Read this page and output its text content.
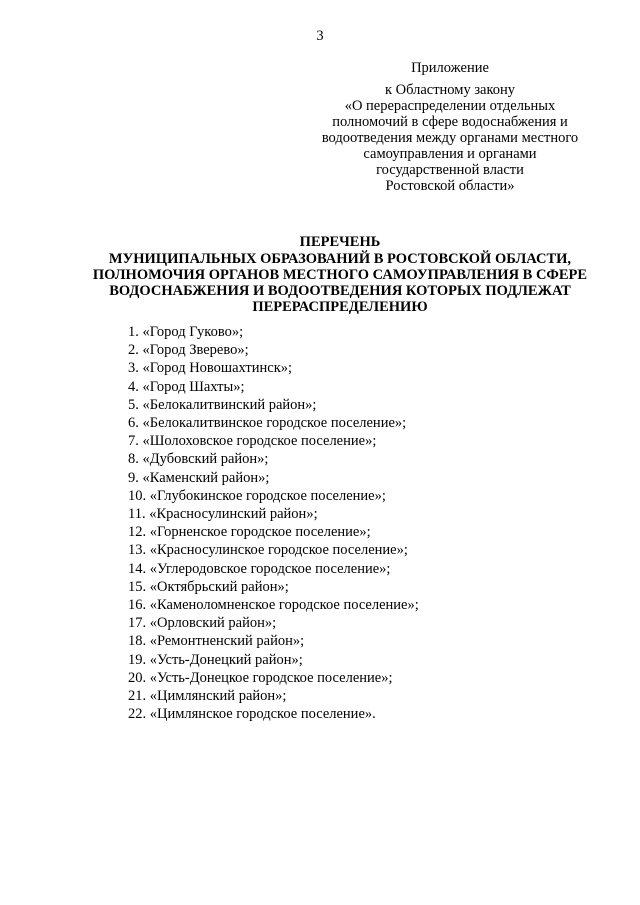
3
Приложение
к Областному закону
«О перераспределении отдельных
полномочий в сфере водоснабжения и
водоотведения между органами местного
самоуправления и органами
государственной власти
Ростовской области»
ПЕРЕЧЕНЬ
МУНИЦИПАЛЬНЫХ ОБРАЗОВАНИЙ В РОСТОВСКОЙ ОБЛАСТИ,
ПОЛНОМОЧИЯ ОРГАНОВ МЕСТНОГО САМОУПРАВЛЕНИЯ В СФЕРЕ
ВОДОСНАБЖЕНИЯ И ВОДООТВЕДЕНИЯ КОТОРЫХ ПОДЛЕЖАТ
ПЕРЕРАСПРЕДЕЛЕНИЮ
1. «Город Гуково»;
2. «Город Зверево»;
3. «Город Новошахтинск»;
4. «Город Шахты»;
5. «Белокалитвинский район»;
6. «Белокалитвинское городское поселение»;
7. «Шолоховское городское поселение»;
8. «Дубовский район»;
9. «Каменский район»;
10. «Глубокинское городское поселение»;
11. «Красносулинский район»;
12. «Горненское городское поселение»;
13. «Красносулинское городское поселение»;
14. «Углеродовское городское поселение»;
15. «Октябрьский район»;
16. «Каменоломненское городское поселение»;
17. «Орловский район»;
18. «Ремонтненский район»;
19. «Усть-Донецкий район»;
20. «Усть-Донецкое городское поселение»;
21. «Цимлянский район»;
22. «Цимлянское городское поселение».
